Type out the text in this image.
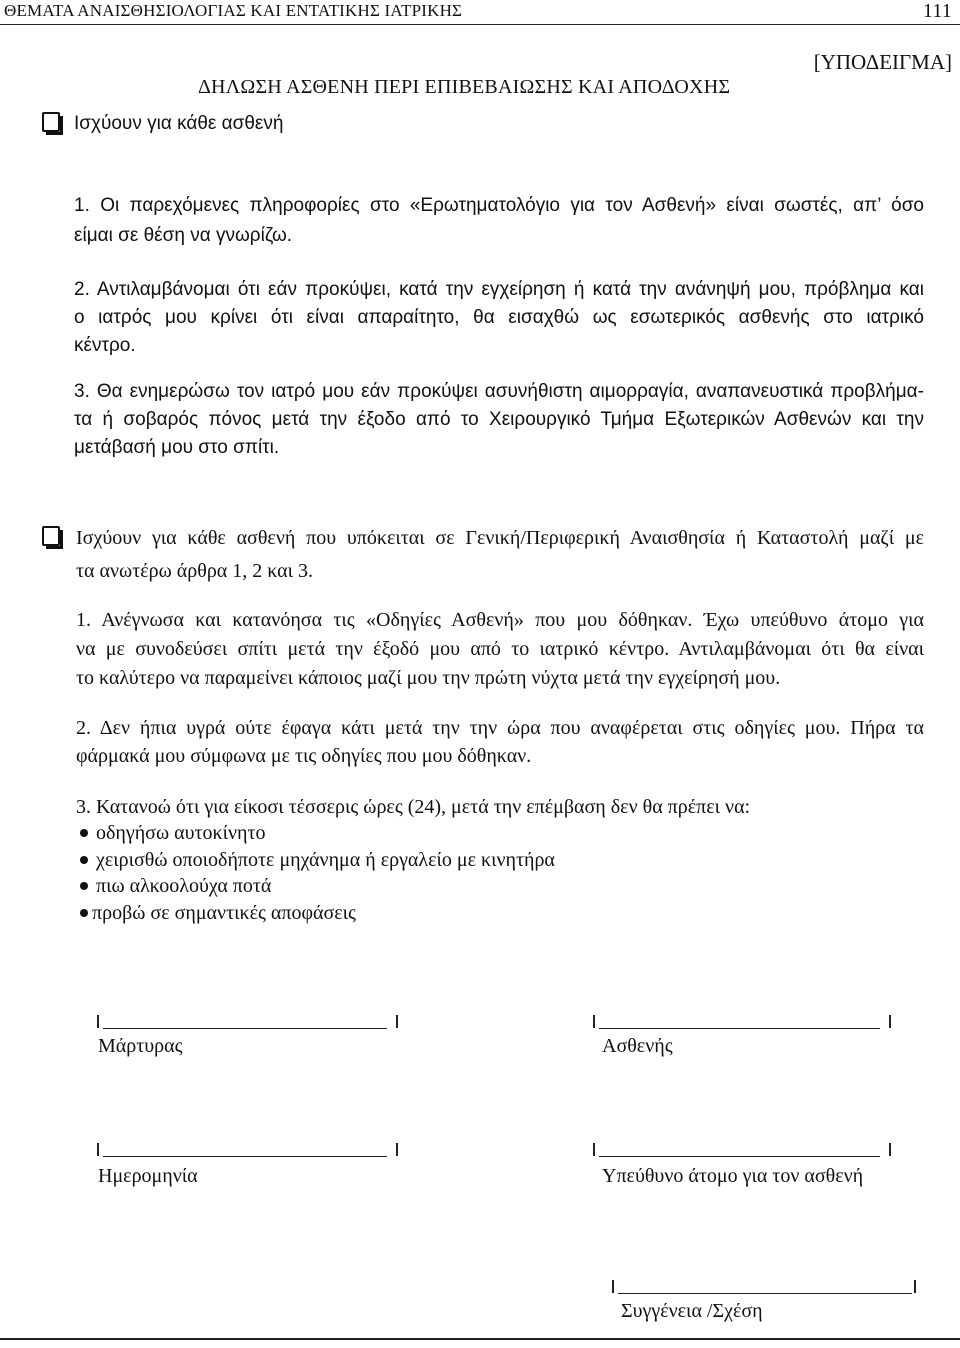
ΘΕΜΑΤΑ ΑΝΑΙΣΘΗΣΙΟΛΟΓΙΑΣ ΚΑΙ ΕΝΤΑΤΙΚΗΣ ΙΑΤΡΙΚΗΣ	111
[ΥΠΟΔΕΙΓΜΑ]
ΔΗΛΩΣΗ ΑΣΘΕΝΗ ΠΕΡΙ ΕΠΙΒΕΒΑΙΩΣΗΣ ΚΑΙ ΑΠΟΔΟΧΗΣ
Ισχύουν για κάθε ασθενή
1. Οι παρεχόμενες πληροφορίες στο «Ερωτηματολόγιο για τον Ασθενή» είναι σωστές, απ’ όσο
είμαι σε θέση να γνωρίζω.
2. Αντιλαμβάνομαι ότι εάν προκύψει, κατά την εγχείρηση ή κατά την ανάνηψή μου, πρόβλημα και
ο ιατρός μου κρίνει ότι είναι απαραίτητο, θα εισαχθώ ως εσωτερικός ασθενής στο ιατρικό
κέντρο.
3. Θα ενημερώσω τον ιατρό μου εάν προκύψει ασυνήθιστη αιμορραγία, αναπανευστικά προβλήμα-
τα ή σοβαρός πόνος μετά την έξοδο από το Χειρουργικό Τμήμα Εξωτερικών Ασθενών και την
μετάβασή μου στο σπίτι.
Ισχύουν για κάθε ασθενή που υπόκειται σε Γενική/Περιφερική Αναισθησία ή Καταστολή μαζί με
τα ανωτέρω άρθρα 1, 2 και 3.
1. Ανέγνωσα και κατανόησα τις «Οδηγίες Ασθενή» που μου δόθηκαν. Έχω υπεύθυνο άτομο για
να με συνοδεύσει σπίτι μετά την έξοδό μου από το ιατρικό κέντρο. Αντιλαμβάνομαι ότι θα είναι
το καλύτερο να παραμείνει κάποιος μαζί μου την πρώτη νύχτα μετά την εγχείρησή μου.
2. Δεν ήπια υγρά ούτε έφαγα κάτι μετά την την ώρα που αναφέρεται στις οδηγίες μου. Πήρα τα
φάρμακά μου σύμφωνα με τις οδηγίες που μου δόθηκαν.
3. Κατανοώ ότι για είκοσι τέσσερις ώρες (24), μετά την επέμβαση δεν θα πρέπει να:
οδηγήσω αυτοκίνητο
χειρισθώ οποιοδήποτε μηχάνημα ή εργαλείο με κινητήρα
πιω αλκοολούχα ποτά
προβώ σε σημαντικές αποφάσεις
Μάρτυρας	Ασθενής
Ημερομηνία	Υπεύθυνο άτομο για τον ασθενή
Συγγένεια /Σχέση
